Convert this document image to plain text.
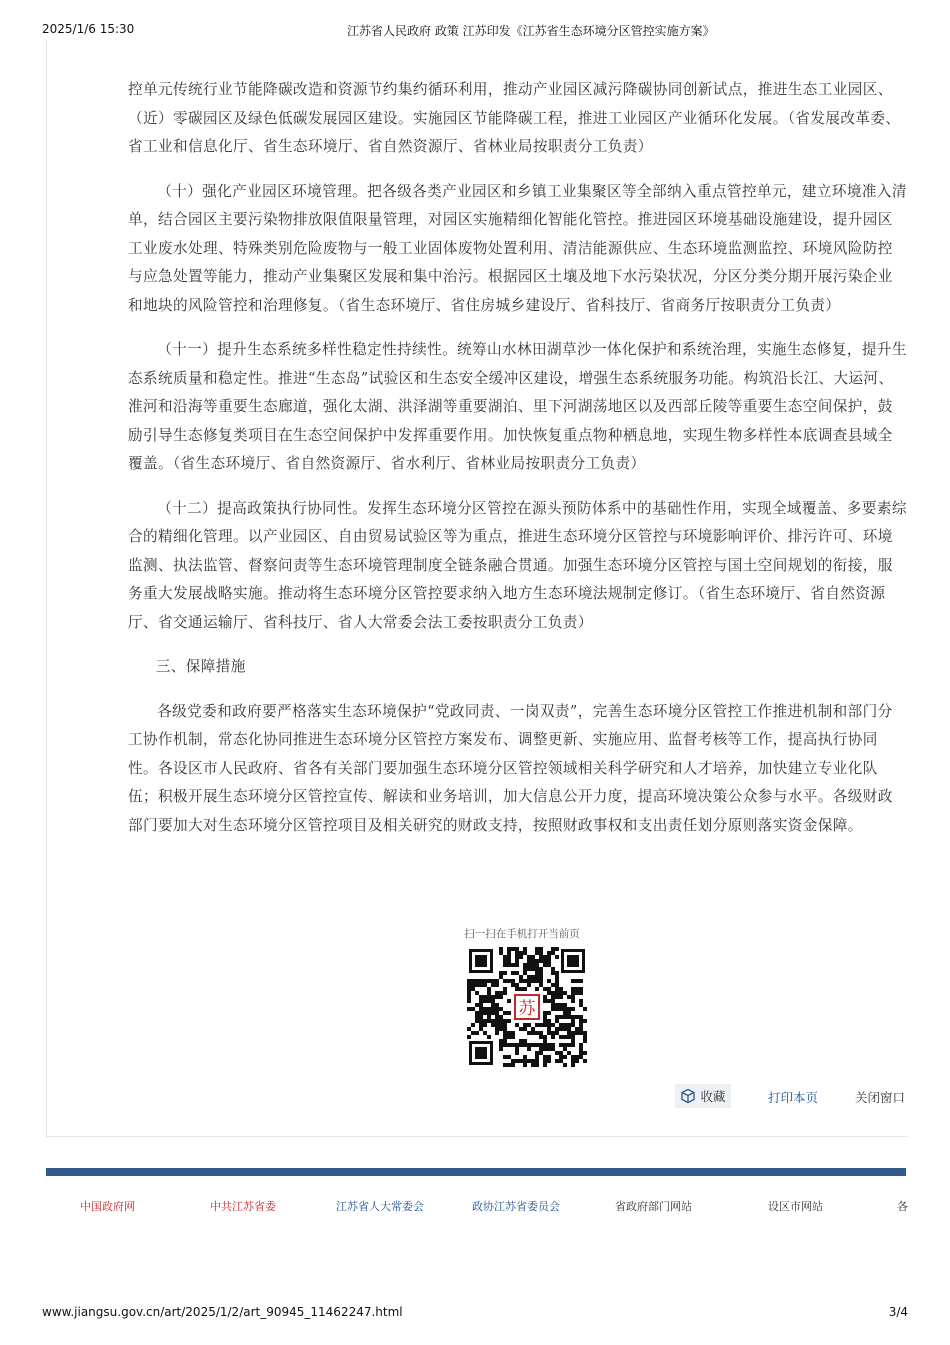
2025/1/6 15:30	江苏省人民政府 政策 江苏印发《江苏省生态环境分区管控实施方案》

控单元传统行业节能降碳改造和资源节约集约循环利用，推动产业园区减污降碳协同创新试点，推进生态工业园区、（近）零碳园区及绿色低碳发展园区建设。实施园区节能降碳工程，推进工业园区产业循环化发展。（省发展改革委、省工业和信息化厅、省生态环境厅、省自然资源厅、省林业局按职责分工负责）

（十）强化产业园区环境管理。把各级各类产业园区和乡镇工业集聚区等全部纳入重点管控单元，建立环境准入清单，结合园区主要污染物排放限值限量管理，对园区实施精细化智能化管控。推进园区环境基础设施建设，提升园区工业废水处理、特殊类别危险废物与一般工业固体废物处置利用、清洁能源供应、生态环境监测监控、环境风险防控与应急处置等能力，推动产业集聚区发展和集中治污。根据园区土壤及地下水污染状况，分区分类分期开展污染企业和地块的风险管控和治理修复。（省生态环境厅、省住房城乡建设厅、省科技厅、省商务厅按职责分工负责）

（十一）提升生态系统多样性稳定性持续性。统筹山水林田湖草沙一体化保护和系统治理，实施生态修复，提升生态系统质量和稳定性。推进“生态岛”试验区和生态安全缓冲区建设，增强生态系统服务功能。构筑沿长江、大运河、淮河和沿海等重要生态廊道，强化太湖、洪泽湖等重要湖泊、里下河湖荡地区以及西部丘陵等重要生态空间保护，鼓励引导生态修复类项目在生态空间保护中发挥重要作用。加快恢复重点物种栖息地，实现生物多样性本底调查县域全覆盖。（省生态环境厅、省自然资源厅、省水利厅、省林业局按职责分工负责）

（十二）提高政策执行协同性。发挥生态环境分区管控在源头预防体系中的基础性作用，实现全域覆盖、多要素综合的精细化管理。以产业园区、自由贸易试验区等为重点，推进生态环境分区管控与环境影响评价、排污许可、环境监测、执法监管、督察问责等生态环境管理制度全链条融合贯通。加强生态环境分区管控与国土空间规划的衔接，服务重大发展战略实施。推动将生态环境分区管控要求纳入地方生态环境法规制定修订。（省生态环境厅、省自然资源厅、省交通运输厅、省科技厅、省人大常委会法工委按职责分工负责）

三、保障措施

各级党委和政府要严格落实生态环境保护“党政同责、一岗双责”，完善生态环境分区管控工作推进机制和部门分工协作机制，常态化协同推进生态环境分区管控方案发布、调整更新、实施应用、监督考核等工作，提高执行协同性。各设区市人民政府、省各有关部门要加强生态环境分区管控领域相关科学研究和人才培养，加快建立专业化队伍；积极开展生态环境分区管控宣传、解读和业务培训，加大信息公开力度，提高环境决策公众参与水平。各级财政部门要加大对生态环境分区管控项目及相关研究的财政支持，按照财政事权和支出责任划分原则落实资金保障。

扫一扫在手机打开当前页
苏
收藏	打印本页	关闭窗口
中国政府网	中共江苏省委	江苏省人大常委会	政协江苏省委员会	省政府部门网站	设区市网站	各
www.jiangsu.gov.cn/art/2025/1/2/art_90945_11462247.html	3/4
